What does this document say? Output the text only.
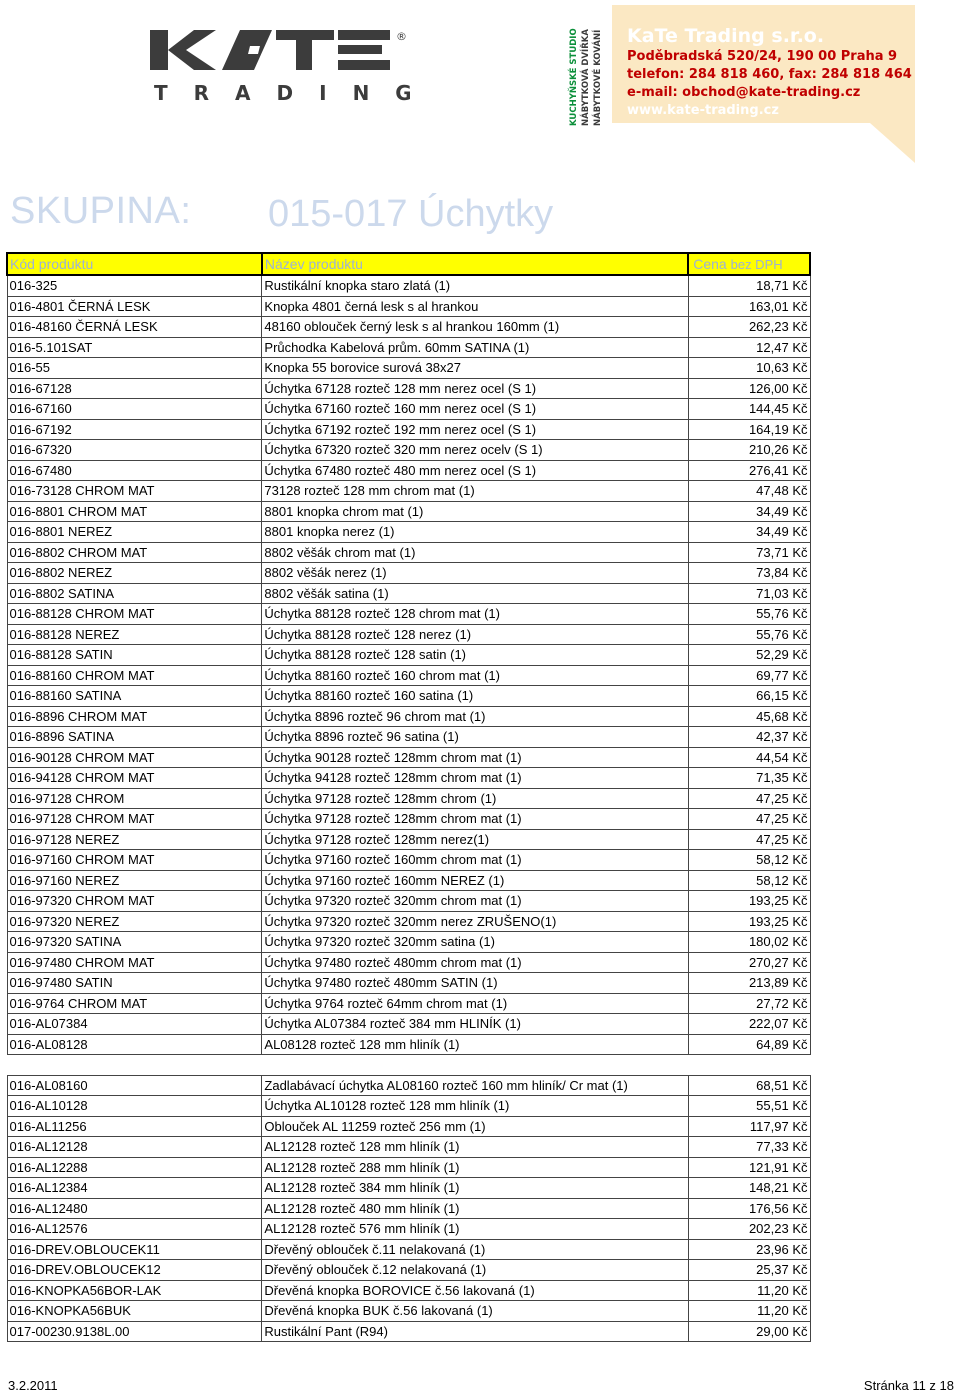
®
TRADING	KUCHYŇSKÉ STUDIO NÁBYTKOVÁ DVÍŘKA NÁBYTKOVÉ KOVÁNÍ KaTe Trading s.r.o.
Poděbradská 520/24, 190 00 Praha 9
telefon: 284 818 460, fax: 284 818 464
e-mail: obchod@kate-trading.cz
www.kate-trading.cz
SKUPINA: 015-017 Úchytky
Kód produktu	Název produktu	Cena bez DPH
016-325	Rustikální knopka staro zlatá (1)	18,71 Kč
016-4801 ČERNÁ LESK	Knopka 4801 černá lesk s al hrankou	163,01 Kč
016-48160 ČERNÁ LESK	48160 oblouček černý lesk s al hrankou 160mm (1)	262,23 Kč
016-5.101SAT	Průchodka Kabelová prům. 60mm SATINA (1)	12,47 Kč
016-55	Knopka 55 borovice surová 38x27	10,63 Kč
016-67128	Úchytka 67128 rozteč 128 mm nerez ocel (S 1)	126,00 Kč
016-67160	Úchytka 67160 rozteč 160 mm nerez ocel (S 1)	144,45 Kč
016-67192	Úchytka 67192 rozteč 192 mm nerez ocel (S 1)	164,19 Kč
016-67320	Úchytka 67320 rozteč 320 mm nerez ocelv (S 1)	210,26 Kč
016-67480	Úchytka 67480 rozteč 480 mm nerez ocel (S 1)	276,41 Kč
016-73128 CHROM MAT	73128 rozteč 128 mm chrom mat (1)	47,48 Kč
016-8801 CHROM MAT	8801 knopka chrom mat (1)	34,49 Kč
016-8801 NEREZ	8801 knopka nerez (1)	34,49 Kč
016-8802 CHROM MAT	8802 věšák chrom mat (1)	73,71 Kč
016-8802 NEREZ	8802 věšák nerez (1)	73,84 Kč
016-8802 SATINA	8802 věšák satina (1)	71,03 Kč
016-88128 CHROM MAT	Úchytka 88128 rozteč 128 chrom mat (1)	55,76 Kč
016-88128 NEREZ	Úchytka 88128 rozteč 128 nerez (1)	55,76 Kč
016-88128 SATIN	Úchytka 88128 rozteč 128 satin (1)	52,29 Kč
016-88160 CHROM MAT	Úchytka 88160 rozteč 160 chrom mat (1)	69,77 Kč
016-88160 SATINA	Úchytka 88160 rozteč 160 satina (1)	66,15 Kč
016-8896 CHROM MAT	Úchytka 8896 rozteč 96 chrom mat (1)	45,68 Kč
016-8896 SATINA	Úchytka 8896 rozteč 96 satina (1)	42,37 Kč
016-90128 CHROM MAT	Úchytka 90128 rozteč 128mm chrom mat (1)	44,54 Kč
016-94128 CHROM MAT	Úchytka 94128 rozteč 128mm chrom mat (1)	71,35 Kč
016-97128 CHROM	Úchytka 97128 rozteč 128mm chrom (1)	47,25 Kč
016-97128 CHROM MAT	Úchytka 97128 rozteč 128mm chrom mat (1)	47,25 Kč
016-97128 NEREZ	Úchytka 97128 rozteč 128mm nerez(1)	47,25 Kč
016-97160 CHROM MAT	Úchytka 97160 rozteč 160mm chrom mat (1)	58,12 Kč
016-97160 NEREZ	Úchytka 97160 rozteč 160mm NEREZ (1)	58,12 Kč
016-97320 CHROM MAT	Úchytka 97320 rozteč 320mm chrom mat (1)	193,25 Kč
016-97320 NEREZ	Úchytka 97320 rozteč 320mm nerez ZRUŠENO(1)	193,25 Kč
016-97320 SATINA	Úchytka 97320 rozteč 320mm satina (1)	180,02 Kč
016-97480 CHROM MAT	Úchytka 97480 rozteč 480mm chrom mat (1)	270,27 Kč
016-97480 SATIN	Úchytka 97480 rozteč 480mm SATIN (1)	213,89 Kč
016-9764 CHROM MAT	Úchytka 9764 rozteč 64mm chrom mat (1)	27,72 Kč
016-AL07384	Úchytka AL07384 rozteč 384 mm HLINÍK (1)	222,07 Kč
016-AL08128	AL08128 rozteč 128 mm hliník (1)	64,89 Kč

016-AL08160	Zadlabávací úchytka AL08160 rozteč 160 mm hliník/ Cr mat (1)	68,51 Kč
016-AL10128	Úchytka AL10128 rozteč 128 mm hliník (1)	55,51 Kč
016-AL11256	Oblouček AL 11259 rozteč 256 mm (1)	117,97 Kč
016-AL12128	AL12128 rozteč 128 mm hliník (1)	77,33 Kč
016-AL12288	AL12128 rozteč 288 mm hliník (1)	121,91 Kč
016-AL12384	AL12128 rozteč 384 mm hliník (1)	148,21 Kč
016-AL12480	AL12128 rozteč 480 mm hliník (1)	176,56 Kč
016-AL12576	AL12128 rozteč 576 mm hliník (1)	202,23 Kč
016-DREV.OBLOUCEK11	Dřevěný oblouček č.11 nelakovaná (1)	23,96 Kč
016-DREV.OBLOUCEK12	Dřevěný oblouček č.12 nelakovaná (1)	25,37 Kč
016-KNOPKA56BOR-LAK	Dřevěná knopka BOROVICE č.56 lakovaná (1)	11,20 Kč
016-KNOPKA56BUK	Dřevěná knopka BUK č.56 lakovaná (1)	11,20 Kč
017-00230.9138L.00	Rustikální Pant (R94)	29,00 Kč
3.2.2011	Stránka 11 z 18
